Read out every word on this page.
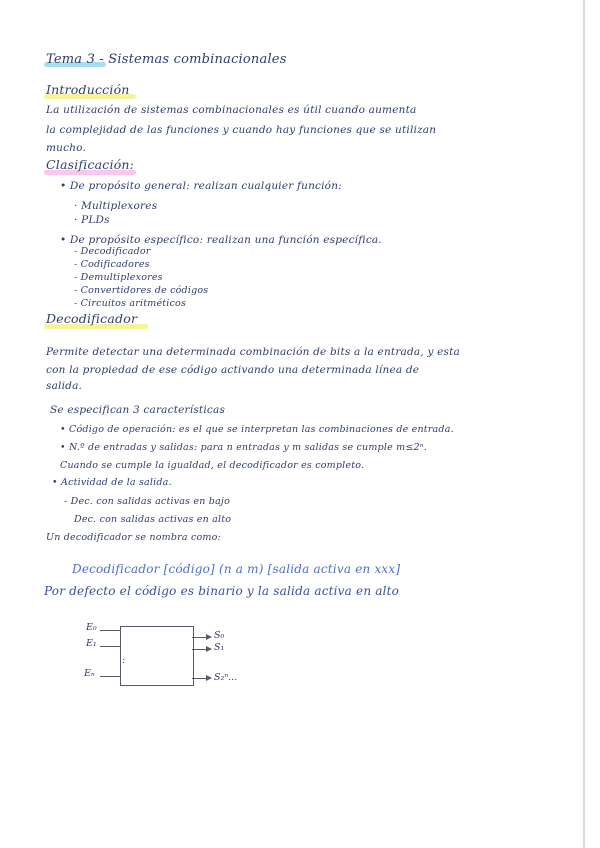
Tema 3 - Sistemas combinacionales
Introducción
La utilización de sistemas combinacionales es útil cuando aumenta
la complejidad de las funciones y cuando hay funciones que se utilizan
mucho.
Clasificación:
• De propósito general: realizan cualquier función:
· Multiplexores
· PLDs
• De propósito específico: realizan una función específica.
- Decodificador
- Codificadores
- Demultiplexores
- Convertidores de códigos
- Circuitos aritméticos
Decodificador
Permite detectar una determinada combinación de bits a la entrada, y esta
con la propiedad de ese código activando una determinada línea de
salida.
Se especifican 3 características
• Código de operación: es el que se interpretan las combinaciones de entrada.
• N.º de entradas y salidas: para n entradas y m salidas se cumple m≤2ⁿ.
Cuando se cumple la igualdad, el decodificador es completo.
• Actividad de la salida.
- Dec. con salidas activas en bajo
Dec. con salidas activas en alto
Un decodificador se nombra como:
Decodificador [código] (n a m) [salida activa en xxx]
Por defecto el código es binario y la salida activa en alto
E₀
E₁
:
Eₙ
S₀
S₁
S₂ⁿ...
